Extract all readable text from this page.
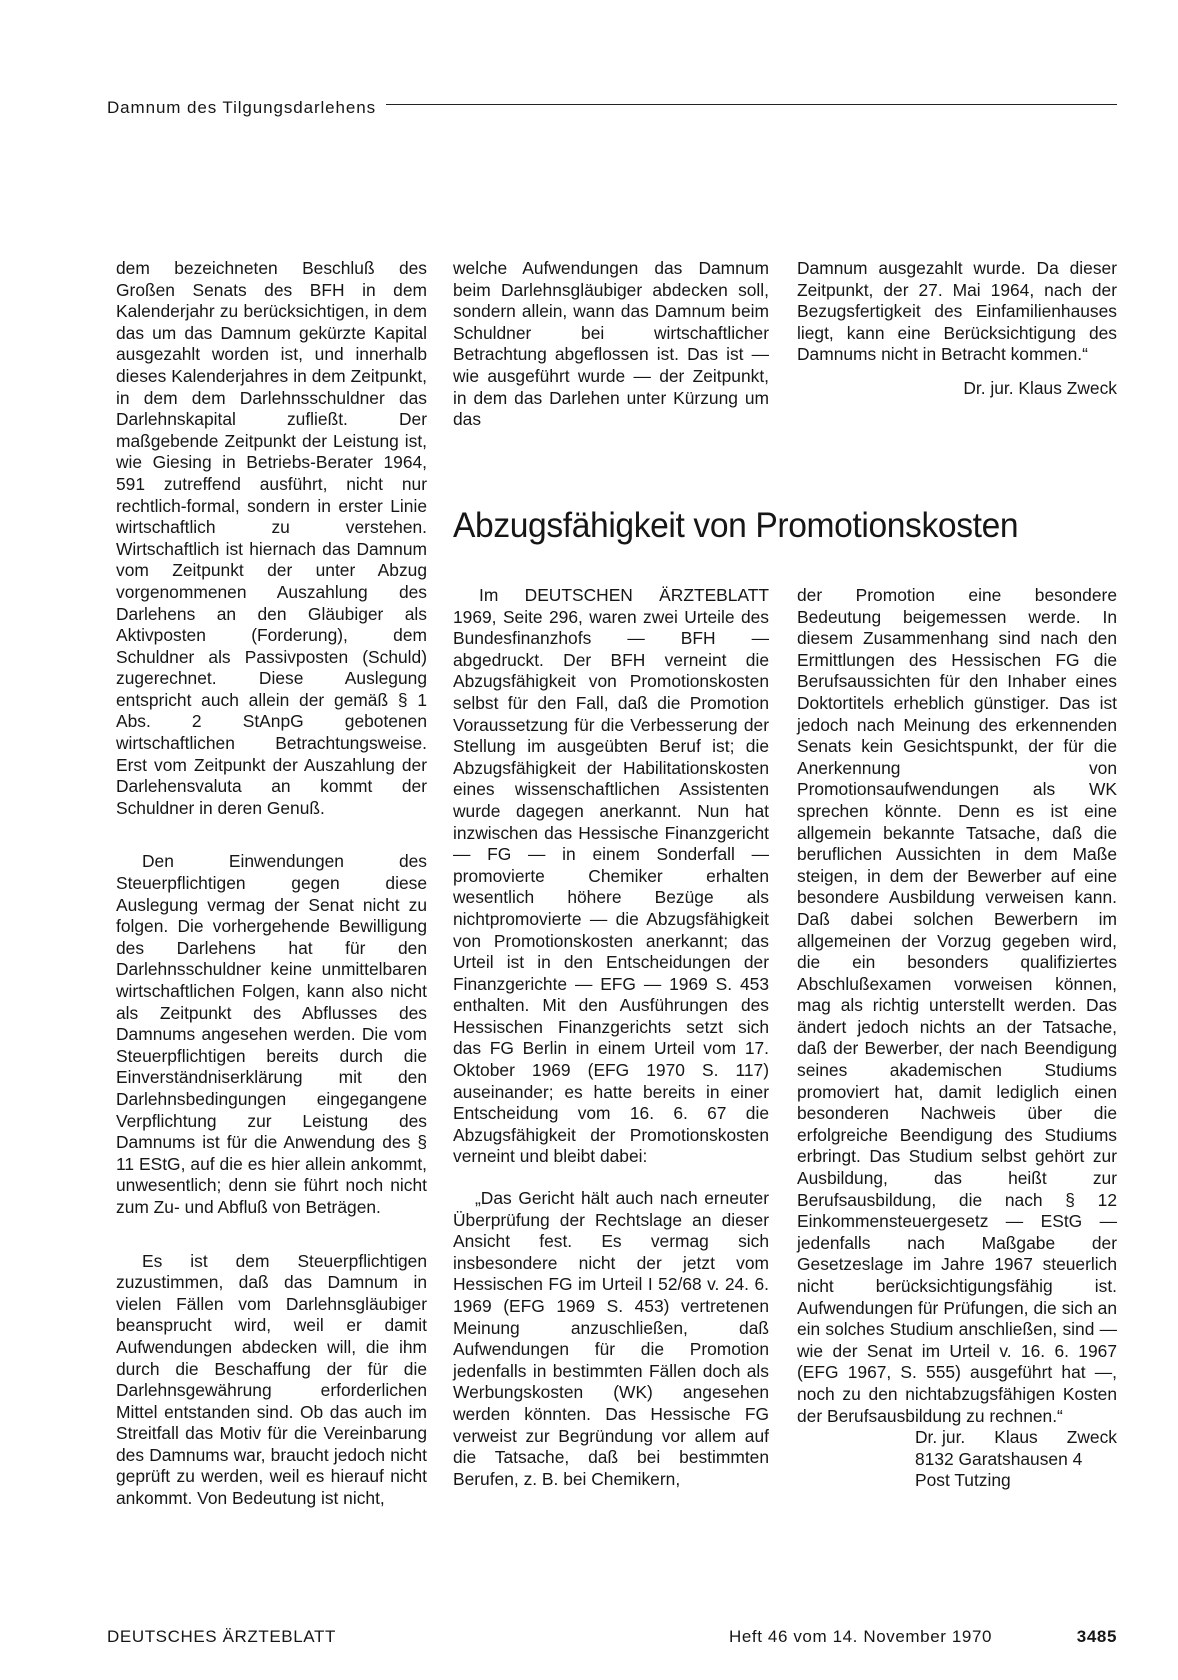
Damnum des Tilgungsdarlehens

dem bezeichneten Beschluß des Großen Senats des BFH in dem Kalenderjahr zu berücksichtigen, in dem das um das Damnum gekürzte Kapital ausgezahlt worden ist, und innerhalb dieses Kalenderjahres in dem Zeitpunkt, in dem dem Darlehnsschuldner das Darlehnskapital zufließt. Der maßgebende Zeitpunkt der Leistung ist, wie Giesing in Betriebs-Berater 1964, 591 zutreffend ausführt, nicht nur rechtlich-formal, sondern in erster Linie wirtschaftlich zu verstehen. Wirtschaftlich ist hiernach das Damnum vom Zeitpunkt der unter Abzug vorgenommenen Auszahlung des Darlehens an den Gläubiger als Aktivposten (Forderung), dem Schuldner als Passivposten (Schuld) zugerechnet. Diese Auslegung entspricht auch allein der gemäß § 1 Abs. 2 StAnpG gebotenen wirtschaftlichen Betrachtungsweise. Erst vom Zeitpunkt der Auszahlung der Darlehensvaluta an kommt der Schuldner in deren Genuß.

Den Einwendungen des Steuerpflichtigen gegen diese Auslegung vermag der Senat nicht zu folgen. Die vorhergehende Bewilligung des Darlehens hat für den Darlehnsschuldner keine unmittelbaren wirtschaftlichen Folgen, kann also nicht als Zeitpunkt des Abflusses des Damnums angesehen werden. Die vom Steuerpflichtigen bereits durch die Einverständniserklärung mit den Darlehnsbedingungen eingegangene Verpflichtung zur Leistung des Damnums ist für die Anwendung des § 11 EStG, auf die es hier allein ankommt, unwesentlich; denn sie führt noch nicht zum Zu- und Abfluß von Beträgen.

Es ist dem Steuerpflichtigen zuzustimmen, daß das Damnum in vielen Fällen vom Darlehnsgläubiger beansprucht wird, weil er damit Aufwendungen abdecken will, die ihm durch die Beschaffung der für die Darlehnsgewährung erforderlichen Mittel entstanden sind. Ob das auch im Streitfall das Motiv für die Vereinbarung des Damnums war, braucht jedoch nicht geprüft zu werden, weil es hierauf nicht ankommt. Von Bedeutung ist nicht,

welche Aufwendungen das Damnum beim Darlehnsgläubiger abdecken soll, sondern allein, wann das Damnum beim Schuldner bei wirtschaftlicher Betrachtung abgeflossen ist. Das ist — wie ausgeführt wurde — der Zeitpunkt, in dem das Darlehen unter Kürzung um das

Damnum ausgezahlt wurde. Da dieser Zeitpunkt, der 27. Mai 1964, nach der Bezugsfertigkeit des Einfamilienhauses liegt, kann eine Berücksichtigung des Damnums nicht in Betracht kommen.“

Dr. jur. Klaus Zweck

Abzugsfähigkeit von Promotionskosten

Im DEUTSCHEN ÄRZTEBLATT 1969, Seite 296, waren zwei Urteile des Bundesfinanzhofs — BFH — abgedruckt. Der BFH verneint die Abzugsfähigkeit von Promotionskosten selbst für den Fall, daß die Promotion Voraussetzung für die Verbesserung der Stellung im ausgeübten Beruf ist; die Abzugsfähigkeit der Habilitationskosten eines wissenschaftlichen Assistenten wurde dagegen anerkannt. Nun hat inzwischen das Hessische Finanzgericht — FG — in einem Sonderfall — promovierte Chemiker erhalten wesentlich höhere Bezüge als nichtpromovierte — die Abzugsfähigkeit von Promotionskosten anerkannt; das Urteil ist in den Entscheidungen der Finanzgerichte — EFG — 1969 S. 453 enthalten. Mit den Ausführungen des Hessischen Finanzgerichts setzt sich das FG Berlin in einem Urteil vom 17. Oktober 1969 (EFG 1970 S. 117) auseinander; es hatte bereits in einer Entscheidung vom 16. 6. 67 die Abzugsfähigkeit der Promotionskosten verneint und bleibt dabei:

„Das Gericht hält auch nach erneuter Überprüfung der Rechtslage an dieser Ansicht fest. Es vermag sich insbesondere nicht der jetzt vom Hessischen FG im Urteil I 52/68 v. 24. 6. 1969 (EFG 1969 S. 453) vertretenen Meinung anzuschließen, daß Aufwendungen für die Promotion jedenfalls in bestimmten Fällen doch als Werbungskosten (WK) angesehen werden könnten. Das Hessische FG verweist zur Begründung vor allem auf die Tatsache, daß bei bestimmten Berufen, z. B. bei Chemikern,

der Promotion eine besondere Bedeutung beigemessen werde. In diesem Zusammenhang sind nach den Ermittlungen des Hessischen FG die Berufsaussichten für den Inhaber eines Doktortitels erheblich günstiger. Das ist jedoch nach Meinung des erkennenden Senats kein Gesichtspunkt, der für die Anerkennung von Promotionsaufwendungen als WK sprechen könnte. Denn es ist eine allgemein bekannte Tatsache, daß die beruflichen Aussichten in dem Maße steigen, in dem der Bewerber auf eine besondere Ausbildung verweisen kann. Daß dabei solchen Bewerbern im allgemeinen der Vorzug gegeben wird, die ein besonders qualifiziertes Abschlußexamen vorweisen können, mag als richtig unterstellt werden. Das ändert jedoch nichts an der Tatsache, daß der Bewerber, der nach Beendigung seines akademischen Studiums promoviert hat, damit lediglich einen besonderen Nachweis über die erfolgreiche Beendigung des Studiums erbringt. Das Studium selbst gehört zur Ausbildung, das heißt zur Berufsausbildung, die nach § 12 Einkommensteuergesetz — EStG — jedenfalls nach Maßgabe der Gesetzeslage im Jahre 1967 steuerlich nicht berücksichtigungsfähig ist. Aufwendungen für Prüfungen, die sich an ein solches Studium anschließen, sind — wie der Senat im Urteil v. 16. 6. 1967 (EFG 1967, S. 555) ausgeführt hat —, noch zu den nichtabzugsfähigen Kosten der Berufsausbildung zu rechnen.“

Dr. jur. Klaus Zweck
8132 Garatshausen 4
Post Tutzing
DEUTSCHES ÄRZTEBLATT	Heft 46 vom 14. November 1970	3485
